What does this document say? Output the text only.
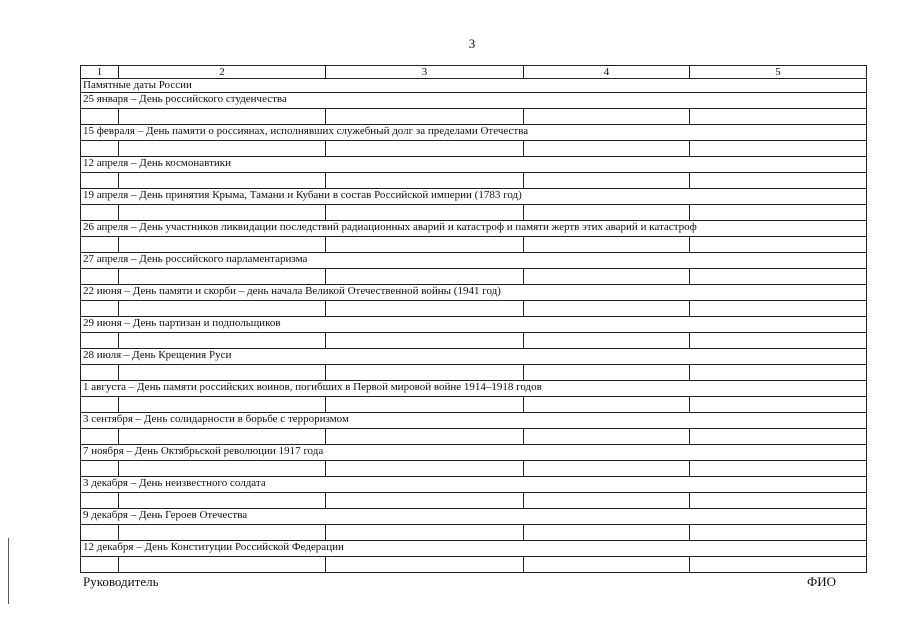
3
1	2	3	4	5
Памятные даты России				
25 января – День российского студенчества				

15 февраля – День памяти о россиянах, исполнявших служебный долг за пределами Отечества				

12 апреля – День космонавтики				

19 апреля – День принятия Крыма, Тамани и Кубани в состав Российской империи (1783 год)				

26 апреля – День участников ликвидации последствий радиационных аварий и катастроф и памяти жертв этих аварий и катастроф				

27 апреля – День российского парламентаризма				

22 июня – День памяти и скорби – день начала Великой Отечественной войны (1941 год)				

29 июня – День партизан и подпольщиков				

28 июля – День Крещения Руси				

1 августа – День памяти российских воинов, погибших в Первой мировой войне 1914–1918 годов				

3 сентября – День солидарности в борьбе с терроризмом				

7 ноября – День Октябрьской революции 1917 года				

3 декабря – День неизвестного солдата				

9 декабря – День Героев Отечества				

12 декабря – День Конституции Российской Федерации				

Руководитель	ФИО
